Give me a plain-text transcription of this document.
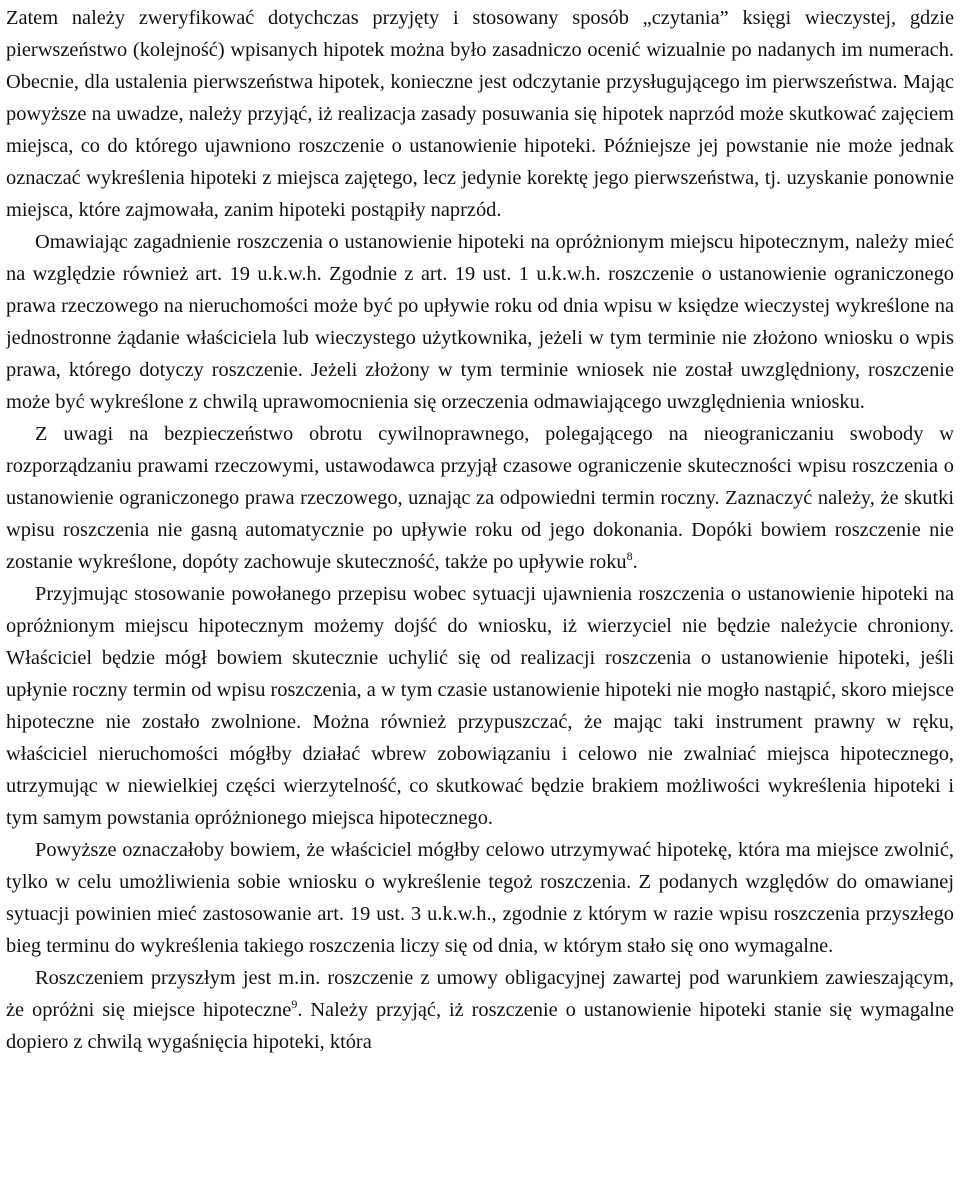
Zatem należy zweryfikować dotychczas przyjęty i stosowany sposób „czytania” księgi wieczystej, gdzie pierwszeństwo (kolejność) wpisanych hipotek można było zasadniczo ocenić wizualnie po nadanych im numerach. Obecnie, dla ustalenia pierwszeństwa hipotek, konieczne jest odczytanie przysługującego im pierwszeństwa. Mając powyższe na uwadze, należy przyjąć, iż realizacja zasady posuwania się hipotek naprzód może skutkować zajęciem miejsca, co do którego ujawniono roszczenie o ustanowienie hipoteki. Późniejsze jej powstanie nie może jednak oznaczać wykreślenia hipoteki z miejsca zajętego, lecz jedynie korektę jego pierwszeństwa, tj. uzyskanie ponownie miejsca, które zajmowała, zanim hipoteki postąpiły naprzód.

Omawiając zagadnienie roszczenia o ustanowienie hipoteki na opróżnionym miejscu hipotecznym, należy mieć na względzie również art. 19 u.k.w.h. Zgodnie z art. 19 ust. 1 u.k.w.h. roszczenie o ustanowienie ograniczonego prawa rzeczowego na nieruchomości może być po upływie roku od dnia wpisu w księdze wieczystej wykreślone na jednostronne żądanie właściciela lub wieczystego użytkownika, jeżeli w tym terminie nie złożono wniosku o wpis prawa, którego dotyczy roszczenie. Jeżeli złożony w tym terminie wniosek nie został uwzględniony, roszczenie może być wykreślone z chwilą uprawomocnienia się orzeczenia odmawiającego uwzględnienia wniosku.

Z uwagi na bezpieczeństwo obrotu cywilnoprawnego, polegającego na nieograniczaniu swobody w rozporządzaniu prawami rzeczowymi, ustawodawca przyjął czasowe ograniczenie skuteczności wpisu roszczenia o ustanowienie ograniczonego prawa rzeczowego, uznając za odpowiedni termin roczny. Zaznaczyć należy, że skutki wpisu roszczenia nie gasną automatycznie po upływie roku od jego dokonania. Dopóki bowiem roszczenie nie zostanie wykreślone, dopóty zachowuje skuteczność, także po upływie roku$^8$.

Przyjmując stosowanie powołanego przepisu wobec sytuacji ujawnienia roszczenia o ustanowienie hipoteki na opróżnionym miejscu hipotecznym możemy dojść do wniosku, iż wierzyciel nie będzie należycie chroniony. Właściciel będzie mógł bowiem skutecznie uchylić się od realizacji roszczenia o ustanowienie hipoteki, jeśli upłynie roczny termin od wpisu roszczenia, a w tym czasie ustanowienie hipoteki nie mogło nastąpić, skoro miejsce hipoteczne nie zostało zwolnione. Można również przypuszczać, że mając taki instrument prawny w ręku, właściciel nieruchomości mógłby działać wbrew zobowiązaniu i celowo nie zwalniać miejsca hipotecznego, utrzymując w niewielkiej części wierzytelność, co skutkować będzie brakiem możliwości wykreślenia hipoteki i tym samym powstania opróżnionego miejsca hipotecznego.

Powyższe oznaczałoby bowiem, że właściciel mógłby celowo utrzymywać hipotekę, która ma miejsce zwolnić, tylko w celu umożliwienia sobie wniosku o wykreślenie tegoż roszczenia. Z podanych względów do omawianej sytuacji powinien mieć zastosowanie art. 19 ust. 3 u.k.w.h., zgodnie z którym w razie wpisu roszczenia przyszłego bieg terminu do wykreślenia takiego roszczenia liczy się od dnia, w którym stało się ono wymagalne.

Roszczeniem przyszłym jest m.in. roszczenie z umowy obligacyjnej zawartej pod warunkiem zawieszającym, że opróżni się miejsce hipoteczne$^9$. Należy przyjąć, iż roszczenie o ustanowienie hipoteki stanie się wymagalne dopiero z chwilą wygaśnięcia hipoteki, która
